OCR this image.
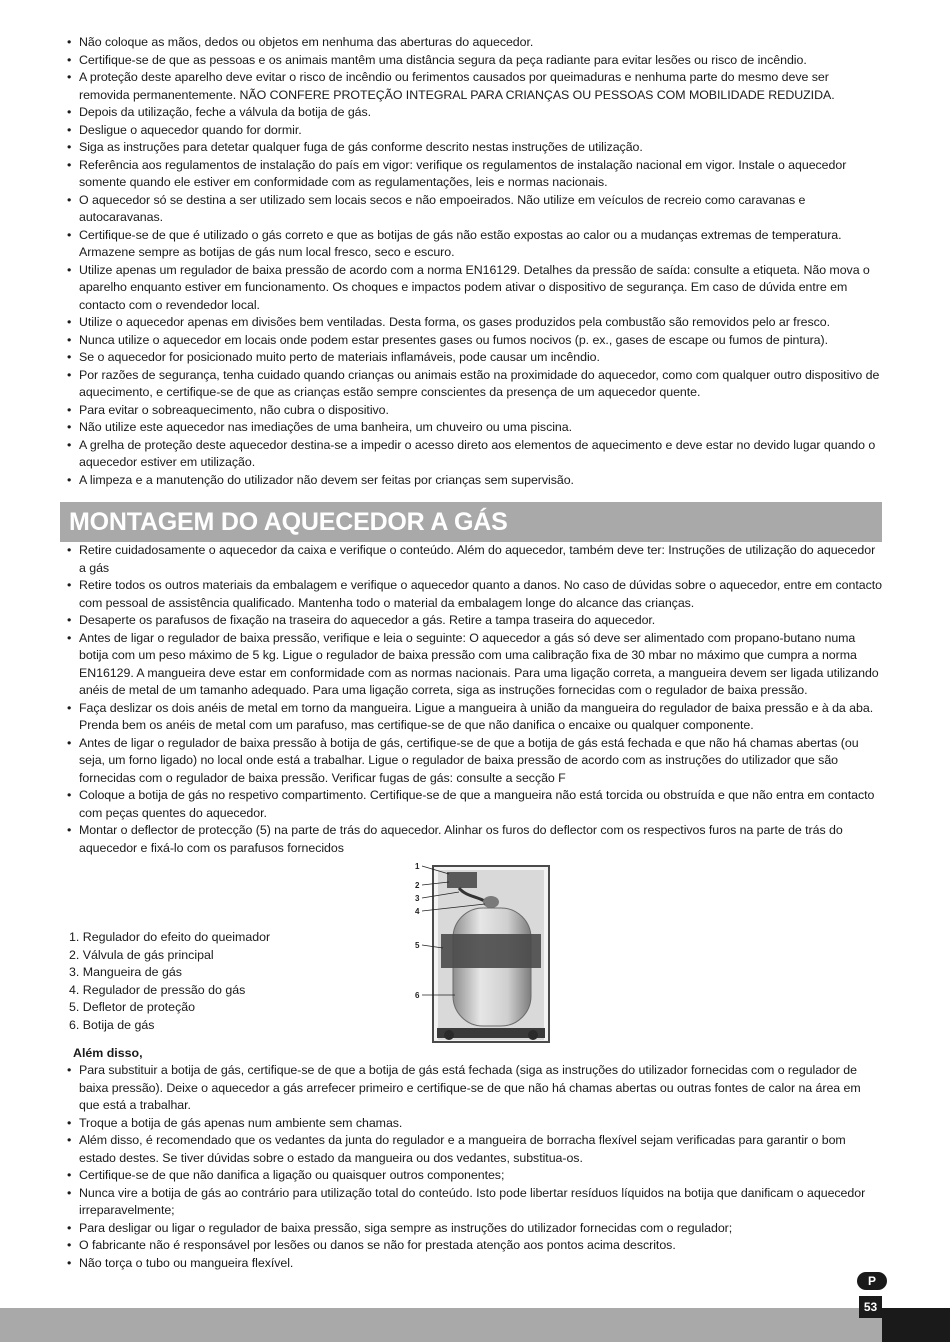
• Não coloque as mãos, dedos ou objetos em nenhuma das aberturas do aquecedor.
• Certifique-se de que as pessoas e os animais mantêm uma distância segura da peça radiante para evitar lesões ou risco de incêndio.
• A proteção deste aparelho deve evitar o risco de incêndio ou ferimentos causados por queimaduras e nenhuma parte do mesmo deve ser removida permanentemente. NÃO CONFERE PROTEÇÃO INTEGRAL PARA CRIANÇAS OU PESSOAS COM MOBILIDADE REDUZIDA.
• Depois da utilização, feche a válvula da botija de gás.
• Desligue o aquecedor quando for dormir.
• Siga as instruções para detetar qualquer fuga de gás conforme descrito nestas instruções de utilização.
• Referência aos regulamentos de instalação do país em vigor: verifique os regulamentos de instalação nacional em vigor. Instale o aquecedor somente quando ele estiver em conformidade com as regulamentações, leis e normas nacionais.
• O aquecedor só se destina a ser utilizado sem locais secos e não empoeirados. Não utilize em veículos de recreio como caravanas e autocaravanas.
• Certifique-se de que é utilizado o gás correto e que as botijas de gás não estão expostas ao calor ou a mudanças extremas de temperatura. Armazene sempre as botijas de gás num local fresco, seco e escuro.
• Utilize apenas um regulador de baixa pressão de acordo com a norma EN16129. Detalhes da pressão de saída: consulte a etiqueta. Não mova o aparelho enquanto estiver em funcionamento. Os choques e impactos podem ativar o dispositivo de segurança. Em caso de dúvida entre em contacto com o revendedor local.
• Utilize o aquecedor apenas em divisões bem ventiladas. Desta forma, os gases produzidos pela combustão são removidos pelo ar fresco.
• Nunca utilize o aquecedor em locais onde podem estar presentes gases ou fumos nocivos (p. ex., gases de escape ou fumos de pintura).
• Se o aquecedor for posicionado muito perto de materiais inflamáveis, pode causar um incêndio.
• Por razões de segurança, tenha cuidado quando crianças ou animais estão na proximidade do aquecedor, como com qualquer outro dispositivo de aquecimento, e certifique-se de que as crianças estão sempre conscientes da presença de um aquecedor quente.
• Para evitar o sobreaquecimento, não cubra o dispositivo.
• Não utilize este aquecedor nas imediações de uma banheira, um chuveiro ou uma piscina.
• A grelha de proteção deste aquecedor destina-se a impedir o acesso direto aos elementos de aquecimento e deve estar no devido lugar quando o aquecedor estiver em utilização.
• A limpeza e a manutenção do utilizador não devem ser feitas por crianças sem supervisão.
MONTAGEM DO AQUECEDOR A GÁS
• Retire cuidadosamente o aquecedor da caixa e verifique o conteúdo. Além do aquecedor, também deve ter: Instruções de utilização do aquecedor a gás
• Retire todos os outros materiais da embalagem e verifique o aquecedor quanto a danos. No caso de dúvidas sobre o aquecedor, entre em contacto com pessoal de assistência qualificado. Mantenha todo o material da embalagem longe do alcance das crianças.
• Desaperte os parafusos de fixação na traseira do aquecedor a gás. Retire a tampa traseira do aquecedor.
• Antes de ligar o regulador de baixa pressão, verifique e leia o seguinte: O aquecedor a gás só deve ser alimentado com propano-butano numa botija com um peso máximo de 5 kg. Ligue o regulador de baixa pressão com uma calibração fixa de 30 mbar no máximo que cumpra a norma EN16129. A mangueira deve estar em conformidade com as normas nacionais. Para uma ligação correta, a mangueira devem ser ligada utilizando anéis de metal de um tamanho adequado. Para uma ligação correta, siga as instruções fornecidas com o regulador de baixa pressão.
• Faça deslizar os dois anéis de metal em torno da mangueira. Ligue a mangueira à união da mangueira do regulador de baixa pressão e à da aba. Prenda bem os anéis de metal com um parafuso, mas certifique-se de que não danifica o encaixe ou qualquer componente.
• Antes de ligar o regulador de baixa pressão à botija de gás, certifique-se de que a botija de gás está fechada e que não há chamas abertas (ou seja, um forno ligado) no local onde está a trabalhar. Ligue o regulador de baixa pressão de acordo com as instruções do utilizador que são fornecidas com o regulador de baixa pressão. Verificar fugas de gás: consulte a secção F
• Coloque a botija de gás no respetivo compartimento. Certifique-se de que a mangueira não está torcida ou obstruída e que não entra em contacto com peças quentes do aquecedor.
• Montar o deflector de protecção (5) na parte de trás do aquecedor. Alinhar os furos do deflector com os respectivos furos na parte de trás do aquecedor e fixá-lo com os parafusos fornecidos
1
2
3
4
5
6
1. Regulador do efeito do queimador
2. Válvula de gás principal
3. Mangueira de gás
4. Regulador de pressão do gás
5. Defletor de proteção
6. Botija de gás
Além disso,
• Para substituir a botija de gás, certifique-se de que a botija de gás está fechada (siga as instruções do utilizador fornecidas com o regulador de baixa pressão). Deixe o aquecedor a gás arrefecer primeiro e certifique-se de que não há chamas abertas ou outras fontes de calor na área em que está a trabalhar.
• Troque a botija de gás apenas num ambiente sem chamas.
• Além disso, é recomendado que os vedantes da junta do regulador e a mangueira de borracha flexível sejam verificadas para garantir o bom estado destes. Se tiver dúvidas sobre o estado da mangueira ou dos vedantes, substitua-os.
• Certifique-se de que não danifica a ligação ou quaisquer outros componentes;
• Nunca vire a botija de gás ao contrário para utilização total do conteúdo. Isto pode libertar resíduos líquidos na botija que danificam o aquecedor irreparavelmente;
• Para desligar ou ligar o regulador de baixa pressão, siga sempre as instruções do utilizador fornecidas com o regulador;
• O fabricante não é responsável por lesões ou danos se não for prestada atenção aos pontos acima descritos.
• Não torça o tubo ou mangueira flexível.
P
53
